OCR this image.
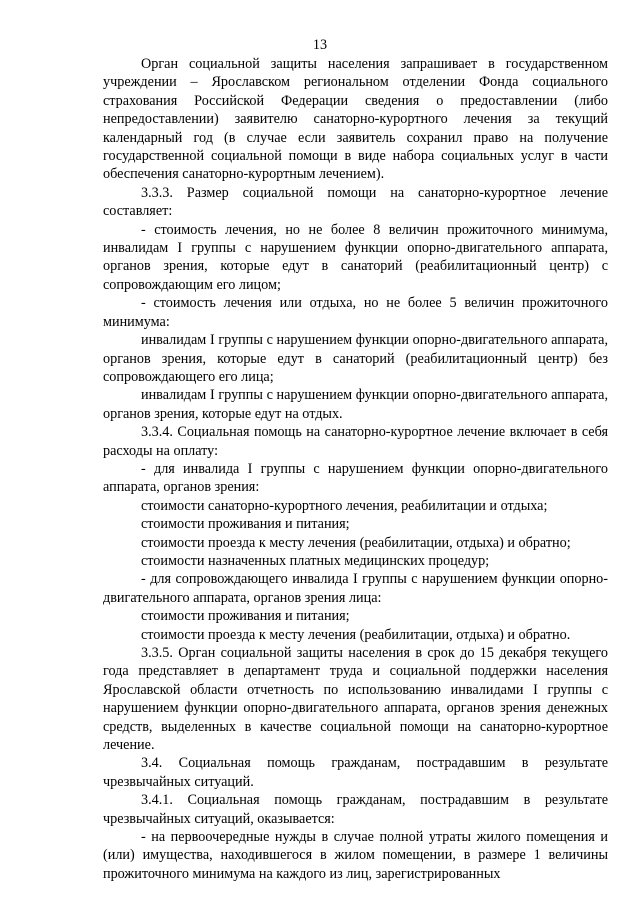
13

Орган социальной защиты населения запрашивает в государственном учреждении – Ярославском региональном отделении Фонда социального страхования Российской Федерации сведения о предоставлении (либо непредоставлении) заявителю санаторно-курортного лечения за текущий календарный год (в случае если заявитель сохранил право на получение государственной социальной помощи в виде набора социальных услуг в части обеспечения санаторно-курортным лечением).

3.3.3. Размер социальной помощи на санаторно-курортное лечение составляет:

- стоимость лечения, но не более 8 величин прожиточного минимума, инвалидам I группы с нарушением функции опорно-двигательного аппарата, органов зрения, которые едут в санаторий (реабилитационный центр) с сопровождающим его лицом;

- стоимость лечения или отдыха, но не более 5 величин прожиточного минимума:

инвалидам I группы с нарушением функции опорно-двигательного аппарата, органов зрения, которые едут в санаторий (реабилитационный центр) без сопровождающего его лица;

инвалидам I группы с нарушением функции опорно-двигательного аппарата, органов зрения, которые едут на отдых.

3.3.4. Социальная помощь на санаторно-курортное лечение включает в себя расходы на оплату:

- для инвалида I группы с нарушением функции опорно-двигательного аппарата, органов зрения:

стоимости санаторно-курортного лечения, реабилитации и отдыха;

стоимости проживания и питания;

стоимости проезда к месту лечения (реабилитации, отдыха) и обратно;

стоимости назначенных платных медицинских процедур;

- для сопровождающего инвалида I группы с нарушением функции опорно-двигательного аппарата, органов зрения лица:

стоимости проживания и питания;

стоимости проезда к месту лечения (реабилитации, отдыха) и обратно.

3.3.5. Орган социальной защиты населения в срок до 15 декабря текущего года представляет в департамент труда и социальной поддержки населения Ярославской области отчетность по использованию инвалидами I группы с нарушением функции опорно-двигательного аппарата, органов зрения денежных средств, выделенных в качестве социальной помощи на санаторно-курортное лечение.

3.4. Социальная помощь гражданам, пострадавшим в результате чрезвычайных ситуаций.

3.4.1. Социальная помощь гражданам, пострадавшим в результате чрезвычайных ситуаций, оказывается:

- на первоочередные нужды в случае полной утраты жилого помещения и (или) имущества, находившегося в жилом помещении, в размере 1 величины прожиточного минимума на каждого из лиц, зарегистрированных
